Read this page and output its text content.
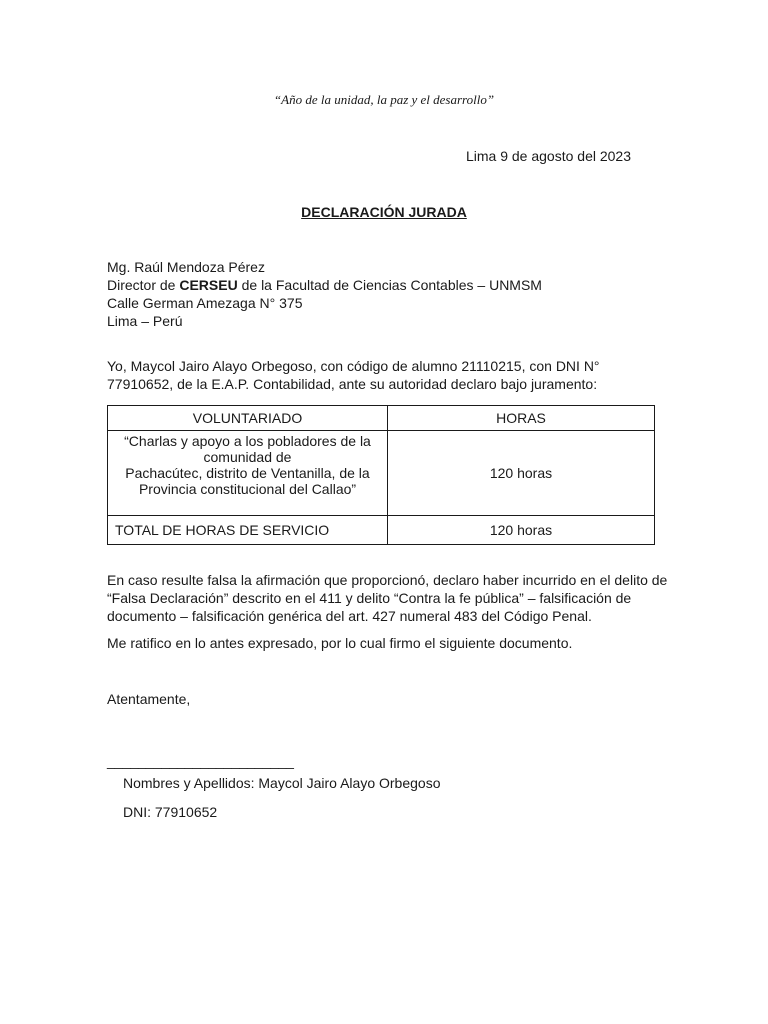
“Año de la unidad, la paz y el desarrollo”
Lima 9 de agosto del 2023
DECLARACIÓN JURADA
Mg. Raúl Mendoza Pérez
Director de CERSEU de la Facultad de Ciencias Contables – UNMSM
Calle German Amezaga N° 375
Lima – Perú
Yo, Maycol Jairo Alayo Orbegoso, con código de alumno 21110215, con DNI N°
77910652, de la E.A.P. Contabilidad, ante su autoridad declaro bajo juramento:
VOLUNTARIADO	HORAS

“Charlas y apoyo a los pobladores de la
comunidad de
Pachacútec, distrito de Ventanilla, de la
Provincia constitucional del Callao”	120 horas
TOTAL DE HORAS DE SERVICIO	120 horas
En caso resulte falsa la afirmación que proporcionó, declaro haber incurrido en el delito de
“Falsa Declaración” descrito en el 411 y delito “Contra la fe pública” – falsificación de
documento – falsificación genérica del art. 427 numeral 483 del Código Penal.
Me ratifico en lo antes expresado, por lo cual firmo el siguiente documento.
Atentamente,
________________________
Nombres y Apellidos: Maycol Jairo Alayo Orbegoso
DNI: 77910652
